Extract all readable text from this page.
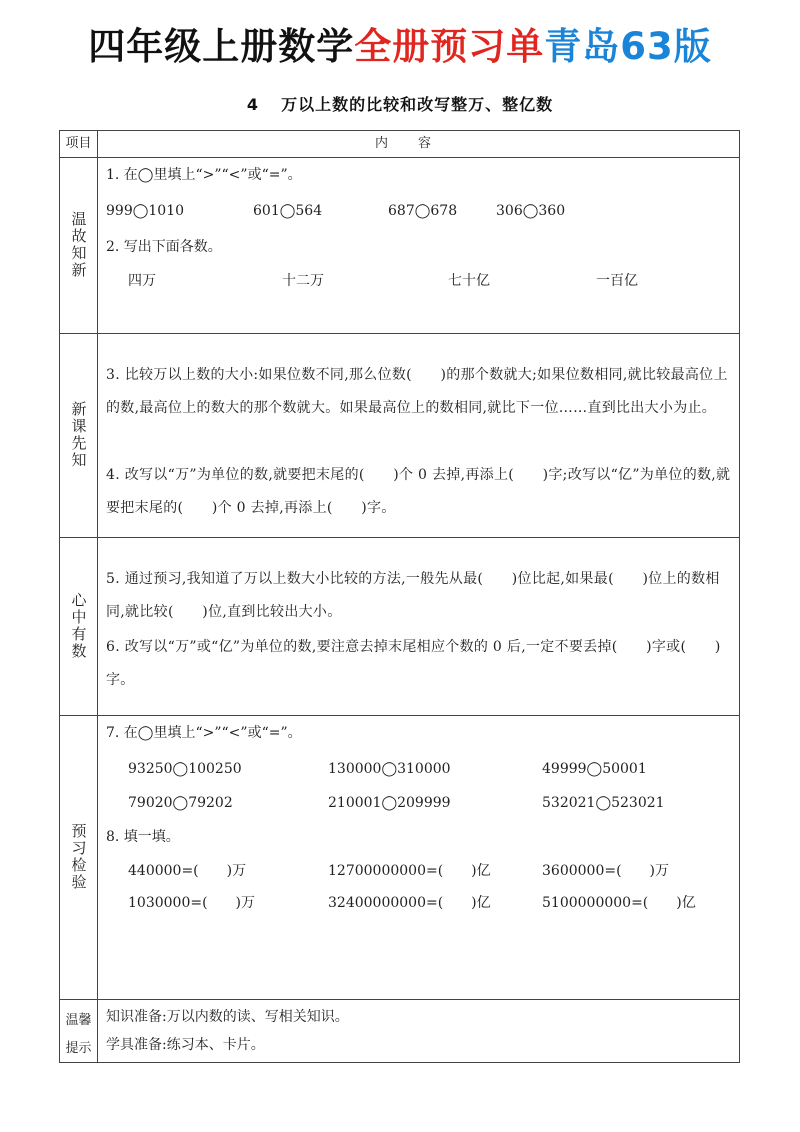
四年级上册数学全册预习单青岛63版
4 万以上数的比较和改写整万、整亿数
项目	内容
温故知新
1. 在◯里填上“>”“<”或“=”。
999◯1010	601◯564	687◯678	306◯360
2. 写出下面各数。
四万	十二万	七十亿	一百亿
新课先知
3. 比较万以上数的大小:如果位数不同,那么位数(　　)的那个数就大;如果位数相同,就比较最高位上的数,最高位上的数大的那个数就大。如果最高位上的数相同,就比下一位……直到比出大小为止。
4. 改写以“万”为单位的数,就要把末尾的(　　)个 0 去掉,再添上(　　)字;改写以“亿”为单位的数,就要把末尾的(　　)个 0 去掉,再添上(　　)字。
心中有数
5. 通过预习,我知道了万以上数大小比较的方法,一般先从最(　　)位比起,如果最(　　)位上的数相同,就比较(　　)位,直到比较出大小。
6. 改写以“万”或“亿”为单位的数,要注意去掉末尾相应个数的 0 后,一定不要丢掉(　　)字或(　　)字。
预习检验
7. 在◯里填上“>”“<”或“=”。
93250◯100250	130000◯310000	49999◯50001
79020◯79202	210001◯209999	532021◯523021
8. 填一填。
440000=(　　)万	12700000000=(　　)亿	3600000=(　　)万
1030000=(　　)万	32400000000=(　　)亿	5100000000=(　　)亿
温馨
提示
知识准备:万以内数的读、写相关知识。
学具准备:练习本、卡片。
